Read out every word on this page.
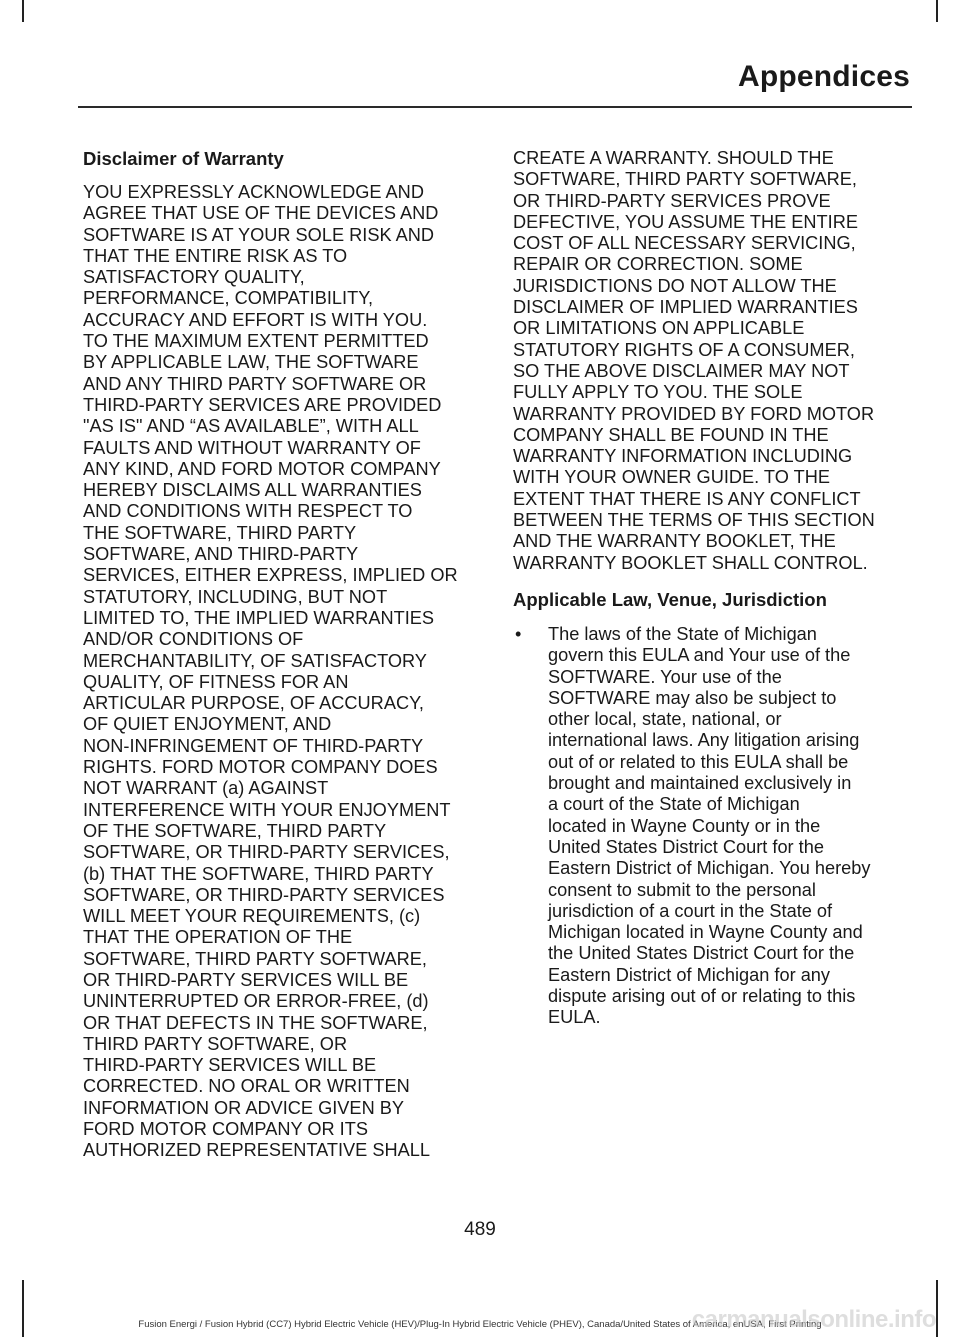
Appendices
Disclaimer of Warranty

YOU EXPRESSLY ACKNOWLEDGE AND
AGREE THAT USE OF THE DEVICES AND
SOFTWARE IS AT YOUR SOLE RISK AND
THAT THE ENTIRE RISK AS TO
SATISFACTORY QUALITY,
PERFORMANCE, COMPATIBILITY,
ACCURACY AND EFFORT IS WITH YOU.
TO THE MAXIMUM EXTENT PERMITTED
BY APPLICABLE LAW, THE SOFTWARE
AND ANY THIRD PARTY SOFTWARE OR
THIRD-PARTY SERVICES ARE PROVIDED
"AS IS" AND “AS AVAILABLE”, WITH ALL
FAULTS AND WITHOUT WARRANTY OF
ANY KIND, AND FORD MOTOR COMPANY
HEREBY DISCLAIMS ALL WARRANTIES
AND CONDITIONS WITH RESPECT TO
THE SOFTWARE, THIRD PARTY
SOFTWARE, AND THIRD-PARTY
SERVICES, EITHER EXPRESS, IMPLIED OR
STATUTORY, INCLUDING, BUT NOT
LIMITED TO, THE IMPLIED WARRANTIES
AND/OR CONDITIONS OF
MERCHANTABILITY, OF SATISFACTORY
QUALITY, OF FITNESS FOR AN
ARTICULAR PURPOSE, OF ACCURACY,
OF QUIET ENJOYMENT, AND
NON-INFRINGEMENT OF THIRD-PARTY
RIGHTS. FORD MOTOR COMPANY DOES
NOT WARRANT (a) AGAINST
INTERFERENCE WITH YOUR ENJOYMENT
OF THE SOFTWARE, THIRD PARTY
SOFTWARE, OR THIRD-PARTY SERVICES,
(b) THAT THE SOFTWARE, THIRD PARTY
SOFTWARE, OR THIRD-PARTY SERVICES
WILL MEET YOUR REQUIREMENTS, (c)
THAT THE OPERATION OF THE
SOFTWARE, THIRD PARTY SOFTWARE,
OR THIRD-PARTY SERVICES WILL BE
UNINTERRUPTED OR ERROR-FREE, (d)
OR THAT DEFECTS IN THE SOFTWARE,
THIRD PARTY SOFTWARE, OR
THIRD-PARTY SERVICES WILL BE
CORRECTED. NO ORAL OR WRITTEN
INFORMATION OR ADVICE GIVEN BY
FORD MOTOR COMPANY OR ITS
AUTHORIZED REPRESENTATIVE SHALL

CREATE A WARRANTY. SHOULD THE
SOFTWARE, THIRD PARTY SOFTWARE,
OR THIRD-PARTY SERVICES PROVE
DEFECTIVE, YOU ASSUME THE ENTIRE
COST OF ALL NECESSARY SERVICING,
REPAIR OR CORRECTION. SOME
JURISDICTIONS DO NOT ALLOW THE
DISCLAIMER OF IMPLIED WARRANTIES
OR LIMITATIONS ON APPLICABLE
STATUTORY RIGHTS OF A CONSUMER,
SO THE ABOVE DISCLAIMER MAY NOT
FULLY APPLY TO YOU. THE SOLE
WARRANTY PROVIDED BY FORD MOTOR
COMPANY SHALL BE FOUND IN THE
WARRANTY INFORMATION INCLUDING
WITH YOUR OWNER GUIDE. TO THE
EXTENT THAT THERE IS ANY CONFLICT
BETWEEN THE TERMS OF THIS SECTION
AND THE WARRANTY BOOKLET, THE
WARRANTY BOOKLET SHALL CONTROL.

Applicable Law, Venue, Jurisdiction
• The laws of the State of Michigan
govern this EULA and Your use of the
SOFTWARE. Your use of the
SOFTWARE may also be subject to
other local, state, national, or
international laws. Any litigation arising
out of or related to this EULA shall be
brought and maintained exclusively in
a court of the State of Michigan
located in Wayne County or in the
United States District Court for the
Eastern District of Michigan. You hereby
consent to submit to the personal
jurisdiction of a court in the State of
Michigan located in Wayne County and
the United States District Court for the
Eastern District of Michigan for any
dispute arising out of or relating to this
EULA.
489
Fusion Energi / Fusion Hybrid (CC7) Hybrid Electric Vehicle (HEV)/Plug-In Hybrid Electric Vehicle (PHEV), Canada/United States of America, enUSA, First Printing
carmanualsonline.info
